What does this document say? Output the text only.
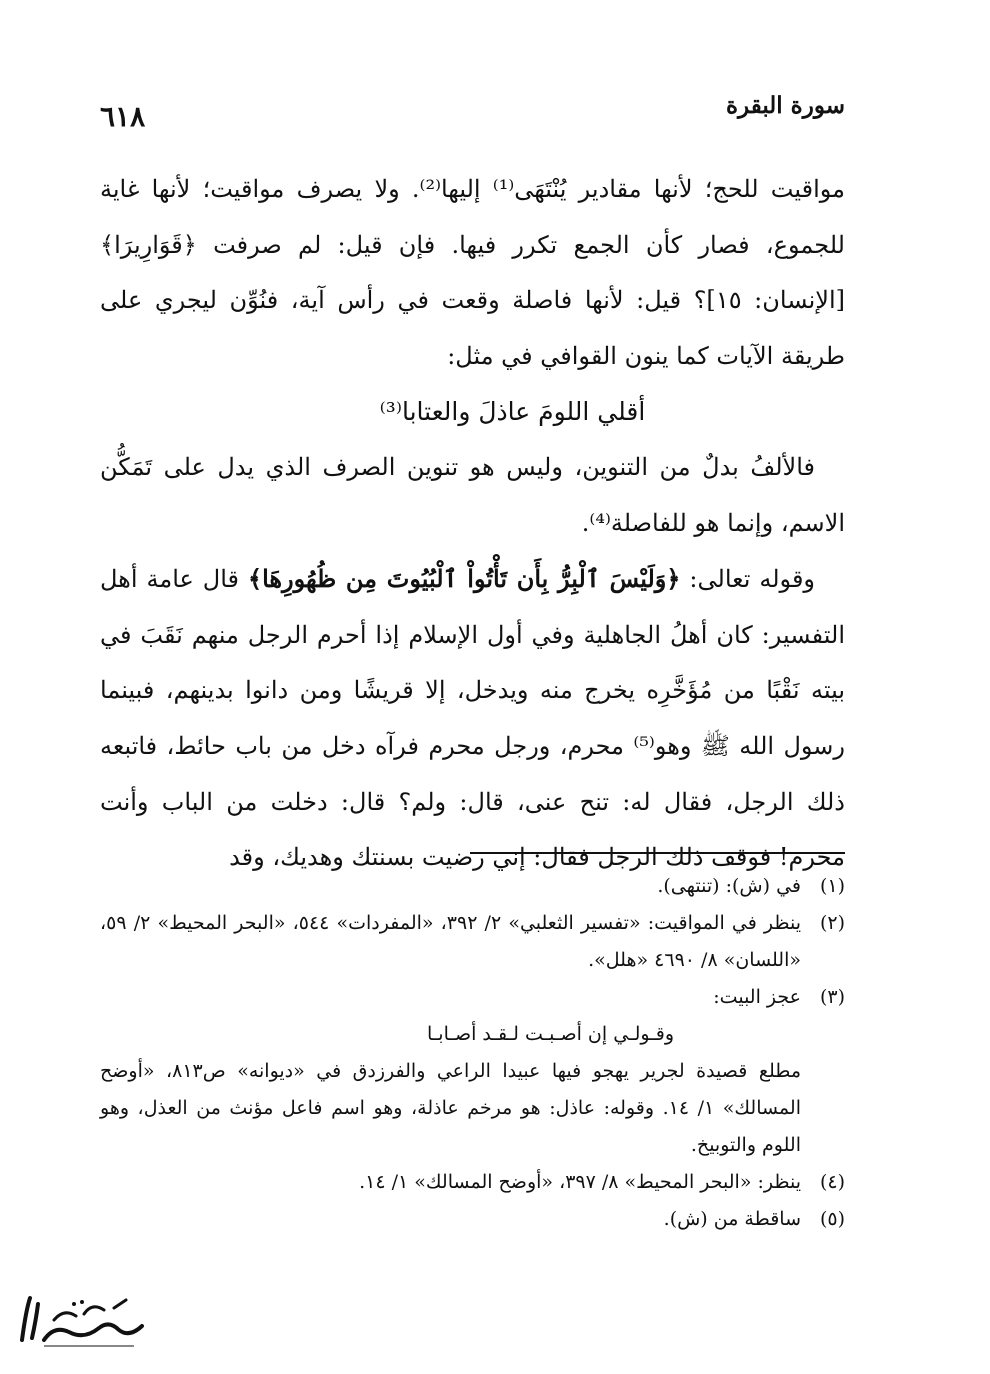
٦١٨	سورة البقرة

مواقيت للحج؛ لأنها مقادير يُنْتَهَى⁽¹⁾ إليها⁽²⁾. ولا يصرف مواقيت؛ لأنها غاية للجموع، فصار كأن الجمع تكرر فيها. فإن قيل: لم صرفت ﴿قَوَارِيرَا﴾ [الإنسان: ١٥]؟ قيل: لأنها فاصلة وقعت في رأس آية، فنُوِّن ليجري على طريقة الآيات كما ينون القوافي في مثل:

أقلي اللومَ عاذلَ والعتابا⁽³⁾

فالألفُ بدلٌ من التنوين، وليس هو تنوين الصرف الذي يدل على تَمَكُّن الاسم، وإنما هو للفاصلة⁽⁴⁾.

وقوله تعالى: ﴿وَلَيْسَ ٱلْبِرُّ بِأَن تَأْتُواْ ٱلْبُيُوتَ مِن ظُهُورِهَا﴾ قال عامة أهل التفسير: كان أهلُ الجاهلية وفي أول الإسلام إذا أحرم الرجل منهم نَقَبَ في بيته نَقْبًا من مُؤَخَّرِه يخرج منه ويدخل، إلا قريشًا ومن دانوا بدينهم، فبينما رسول الله ﷺ وهو⁽⁵⁾ محرم، ورجل محرم فرآه دخل من باب حائط، فاتبعه ذلك الرجل، فقال له: تنح عنى، قال: ولم؟ قال: دخلت من الباب وأنت محرم! فوقف ذلك الرجل فقال: إني رضيت بسنتك وهديك، وقد

(١)
في (ش): (تنتهى).
(٢)
ينظر في المواقيت: «تفسير الثعلبي» ٢/ ٣٩٢، «المفردات» ٥٤٤، «البحر المحيط» ٢/ ٥٩، «اللسان» ٨/ ٤٦٩٠ «هلل».
(٣)
عجز البيت:
وقـولـي إن أصـبـت لـقـد أصـابـا
مطلع قصيدة لجرير يهجو فيها عبيدا الراعي والفرزدق في «ديوانه» ص٨١٣، «أوضح المسالك» ١/ ١٤. وقوله: عاذل: هو مرخم عاذلة، وهو اسم فاعل مؤنث من العذل، وهو اللوم والتوبيخ.
(٤)
ينظر: «البحر المحيط» ٨/ ٣٩٧، «أوضح المسالك» ١/ ١٤.
(٥)
ساقطة من (ش).
